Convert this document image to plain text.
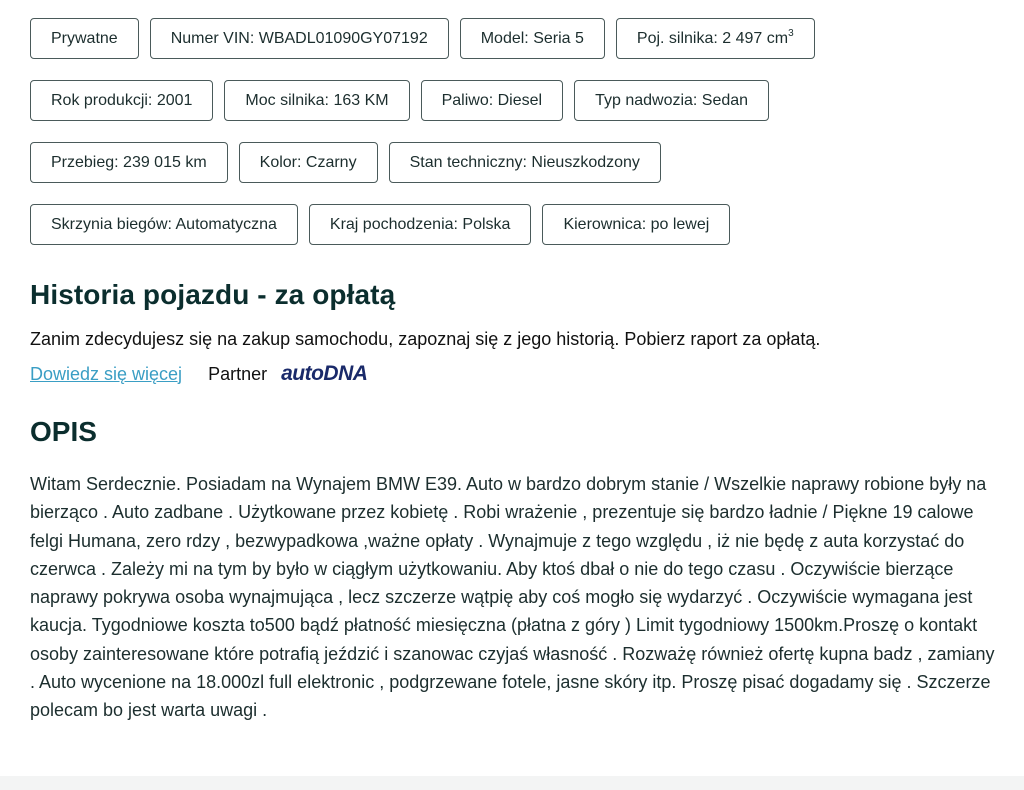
Prywatne	Numer VIN: WBADL01090GY07192	Model: Seria 5	Poj. silnika: 2 497 $cm^3$
Rok produkcji: 2001	Moc silnika: 163 KM	Paliwo: Diesel	Typ nadwozia: Sedan
Przebieg: 239 015 km	Kolor: Czarny	Stan techniczny: Nieuszkodzony
Skrzynia biegów: Automatyczna	Kraj pochodzenia: Polska	Kierownica: po lewej
Historia pojazdu - za opłatą

Zanim zdecydujesz się na zakup samochodu, zapoznaj się z jego historią. Pobierz raport za opłatą.

Dowiedz się więcej Partner autoDNA
OPIS

Witam Serdecznie. Posiadam na Wynajem BMW E39. Auto w bardzo dobrym stanie / Wszelkie naprawy robione były na bierząco . Auto zadbane . Użytkowane przez kobietę . Robi wrażenie , prezentuje się bardzo ładnie / Piękne 19 calowe felgi Humana, zero rdzy , bezwypadkowa ,ważne opłaty . Wynajmuje z tego względu , iż nie będę z auta korzystać do czerwca . Zależy mi na tym by było w ciągłym użytkowaniu. Aby ktoś dbał o nie do tego czasu . Oczywiście bierzące naprawy pokrywa osoba wynajmująca , lecz szczerze wątpię aby coś mogło się wydarzyć . Oczywiście wymagana jest kaucja. Tygodniowe koszta to500 bądź płatność miesięczna (płatna z góry ) Limit tygodniowy 1500km.Proszę o kontakt osoby zainteresowane które potrafią jeździć i szanowac czyjaś własność . Rozważę również ofertę kupna badz , zamiany . Auto wycenione na 18.000zl full elektronic , podgrzewane fotele, jasne skóry itp. Proszę pisać dogadamy się . Szczerze polecam bo jest warta uwagi .
